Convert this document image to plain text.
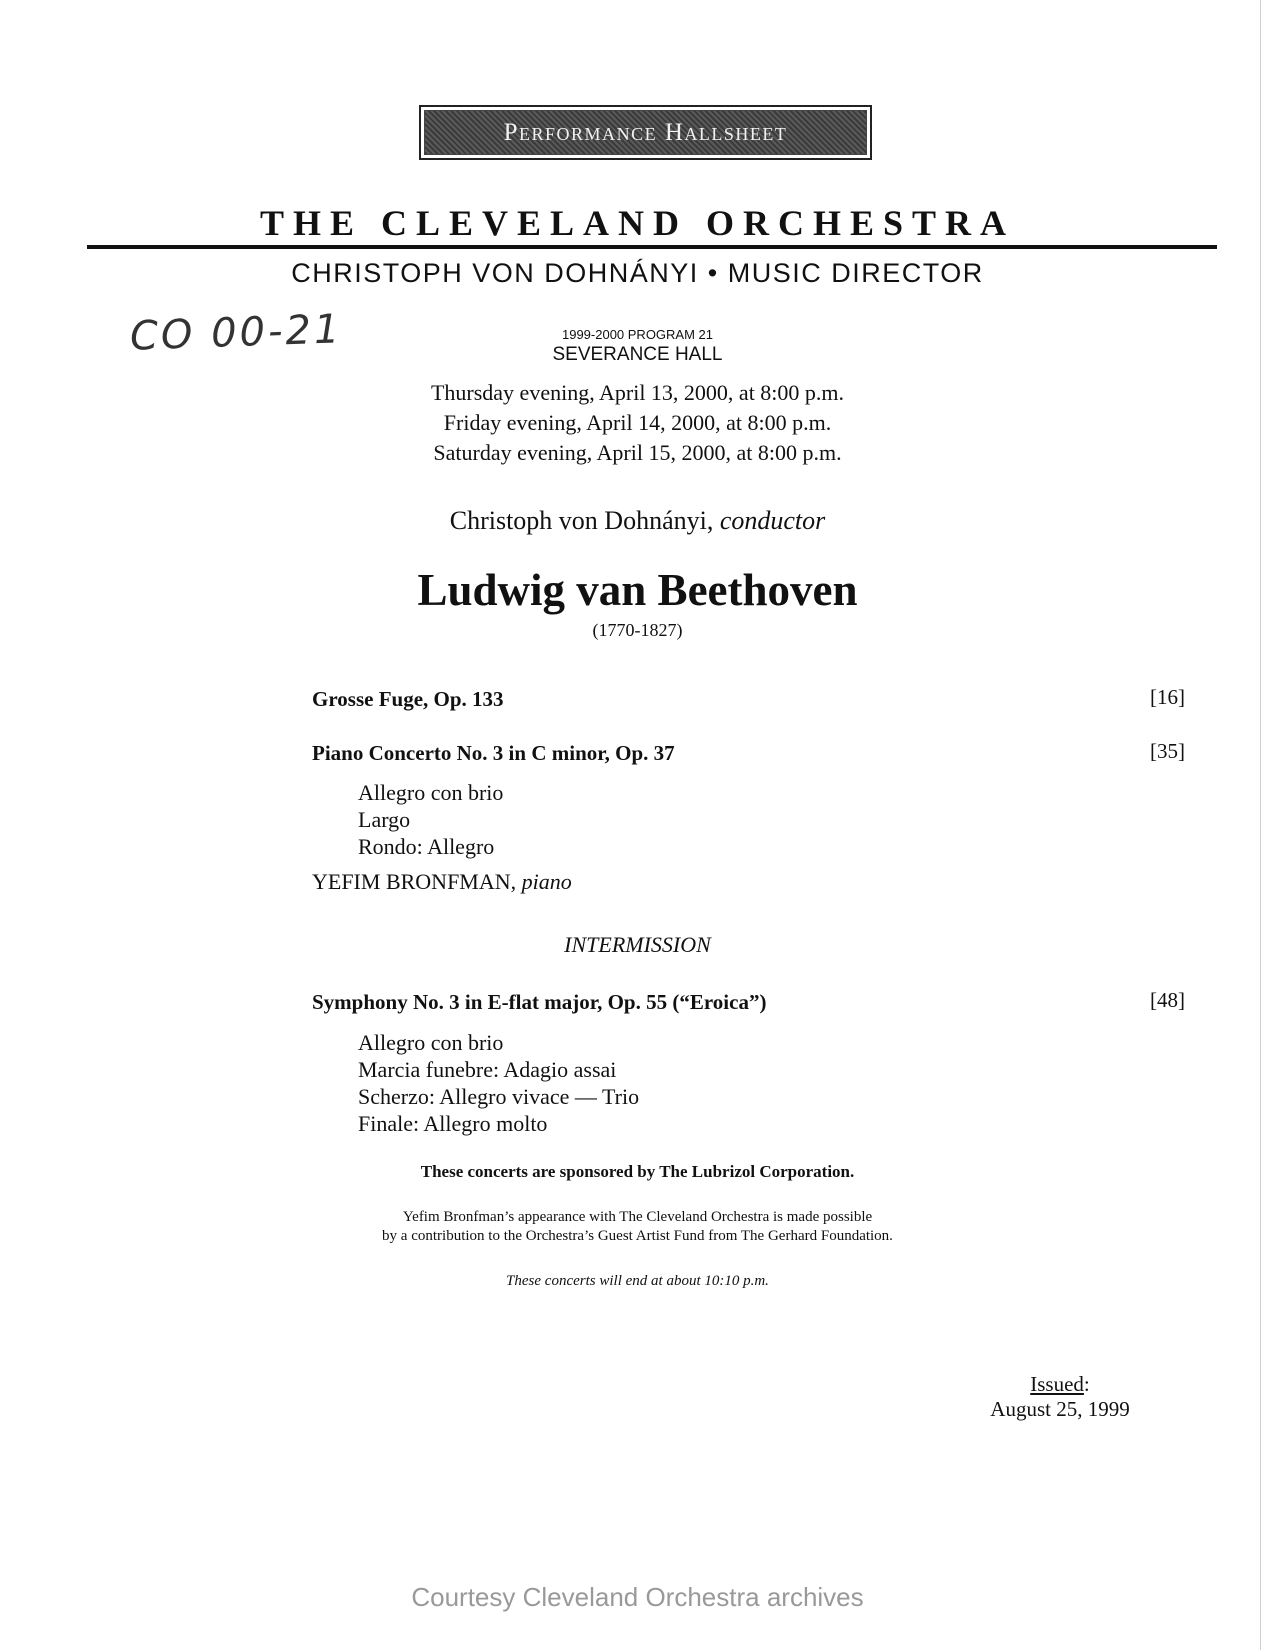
Performance Hallsheet
THE CLEVELAND ORCHESTRA
CHRISTOPH VON DOHNÁNYI • MUSIC DIRECTOR
CO 00-21	1999-2000 PROGRAM 21
SEVERANCE HALL
Thursday evening, April 13, 2000, at 8:00 p.m.
Friday evening, April 14, 2000, at 8:00 p.m.
Saturday evening, April 15, 2000, at 8:00 p.m.
Christoph von Dohnányi, conductor
Ludwig van Beethoven
(1770-1827)
Grosse Fuge, Op. 133	[16]
Piano Concerto No. 3 in C minor, Op. 37	[35]
Allegro con brio
Largo
Rondo: Allegro
YEFIM BRONFMAN, piano
INTERMISSION
Symphony No. 3 in E-flat major, Op. 55 (“Eroica”)	[48]
Allegro con brio
Marcia funebre: Adagio assai
Scherzo: Allegro vivace — Trio
Finale: Allegro molto
These concerts are sponsored by The Lubrizol Corporation.
Yefim Bronfman’s appearance with The Cleveland Orchestra is made possible
by a contribution to the Orchestra’s Guest Artist Fund from The Gerhard Foundation.
These concerts will end at about 10:10 p.m.
Issued:
August 25, 1999
Courtesy Cleveland Orchestra archives
